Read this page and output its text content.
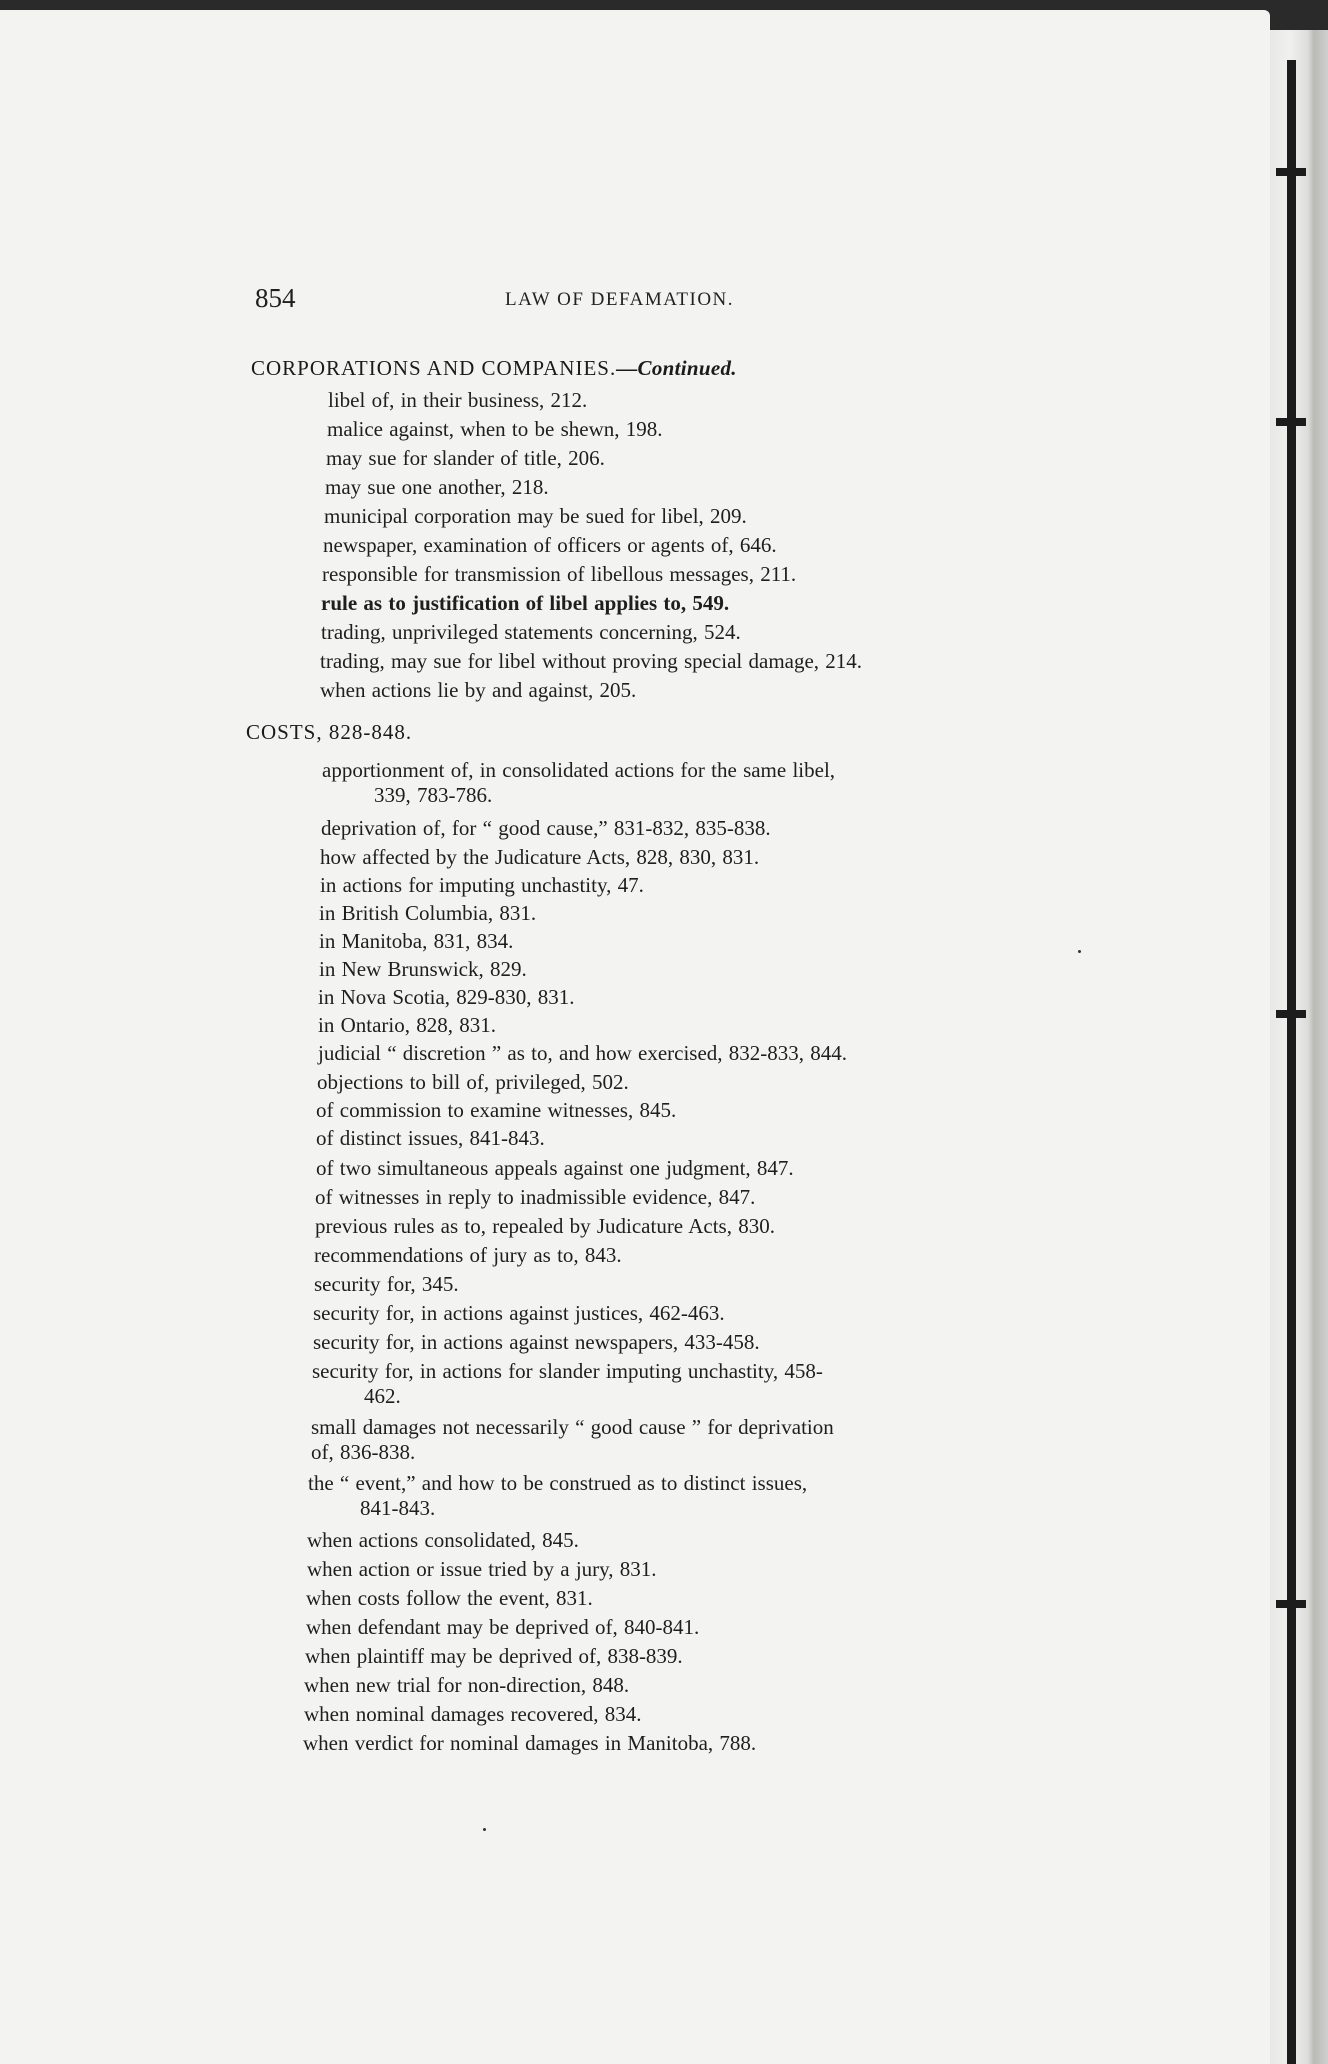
854	LAW OF DEFAMATION.
CORPORATIONS AND COMPANIES.—Continued.
libel of, in their business, 212.
malice against, when to be shewn, 198.
may sue for slander of title, 206.
may sue one another, 218.
municipal corporation may be sued for libel, 209.
newspaper, examination of officers or agents of, 646.
responsible for transmission of libellous messages, 211.
rule as to justification of libel applies to, 549.
trading, unprivileged statements concerning, 524.
trading, may sue for libel without proving special damage, 214.
when actions lie by and against, 205.
COSTS, 828-848.
apportionment of, in consolidated actions for the same libel,
339, 783-786.
deprivation of, for “ good cause,” 831-832, 835-838.
how affected by the Judicature Acts, 828, 830, 831.
in actions for imputing unchastity, 47.
in British Columbia, 831.
in Manitoba, 831, 834.
in New Brunswick, 829.
in Nova Scotia, 829-830, 831.
in Ontario, 828, 831.
judicial “ discretion ” as to, and how exercised, 832-833, 844.
objections to bill of, privileged, 502.
of commission to examine witnesses, 845.
of distinct issues, 841-843.
of two simultaneous appeals against one judgment, 847.
of witnesses in reply to inadmissible evidence, 847.
previous rules as to, repealed by Judicature Acts, 830.
recommendations of jury as to, 843.
security for, 345.
security for, in actions against justices, 462-463.
security for, in actions against newspapers, 433-458.
security for, in actions for slander imputing unchastity, 458-
462.
small damages not necessarily “ good cause ” for deprivation
of, 836-838.
the “ event,” and how to be construed as to distinct issues,
841-843.
when actions consolidated, 845.
when action or issue tried by a jury, 831.
when costs follow the event, 831.
when defendant may be deprived of, 840-841.
when plaintiff may be deprived of, 838-839.
when new trial for non-direction, 848.
when nominal damages recovered, 834.
when verdict for nominal damages in Manitoba, 788.
